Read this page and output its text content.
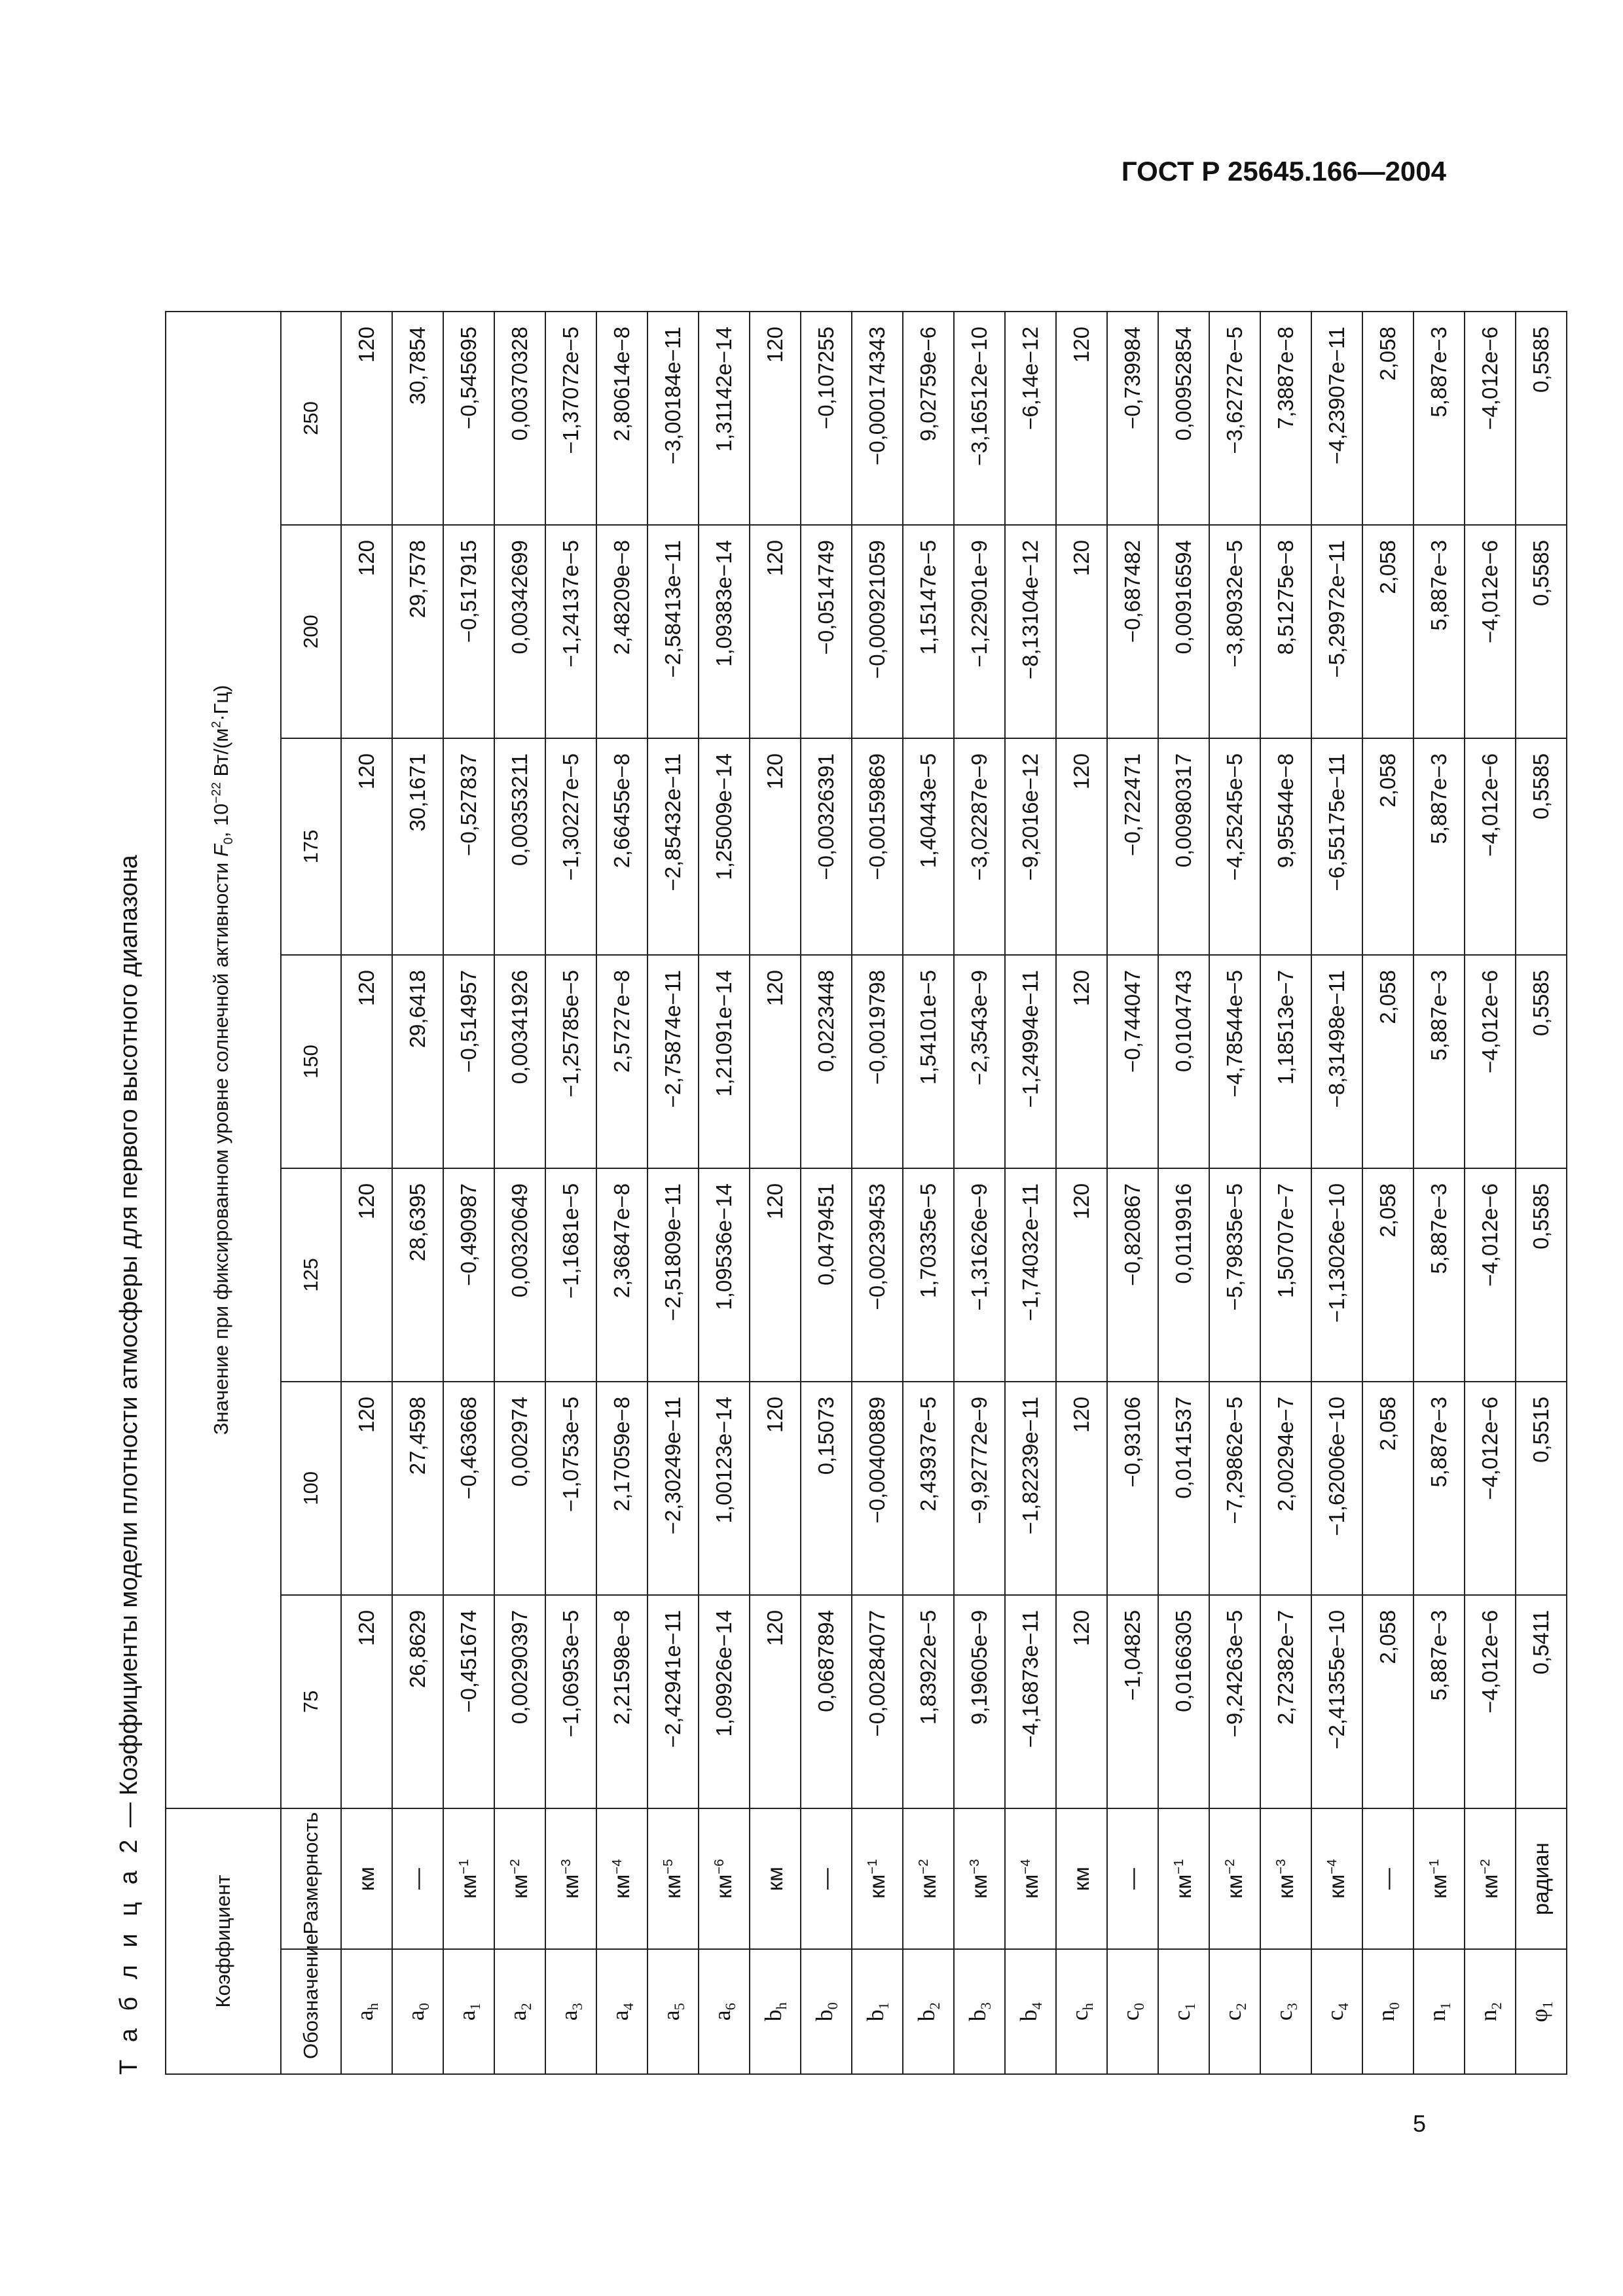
ГОСТ Р 25645.166—2004
Т а б л и ц а 2 — Коэффициенты модели плотности атмосферы для первого высотного диапазона
Коэффициент		Значение при фиксированном уровне солнечной активности $F_0$, $10^{-22}$ $Вт/(м^2\cdot Гц)$						

Обозначение	Размерность	75	100	125	150	175	200	250
$a_h$	км	120	120	120	120	120	120	120
$a_0$	—	26,8629	27,4598	28,6395	29,6418	30,1671	29,7578	30,7854
$a_1$	$км^{-1}$	−0,451674	−0,463668	−0,490987	−0,514957	−0,527837	−0,517915	−0,545695
$a_2$	$км^{-2}$	0,00290397	0,002974	0,00320649	0,00341926	0,00353211	0,00342699	0,00370328
$a_3$	$км^{-3}$	−1,06953e−5	−1,0753e−5	−1,1681e−5	−1,25785e−5	−1,30227e−5	−1,24137e−5	−1,37072e−5
$a_4$	$км^{-4}$	2,21598e−8	2,17059e−8	2,36847e−8	2,5727e−8	2,66455e−8	2,48209e−8	2,80614e−8
$a_5$	$км^{-5}$	−2,42941e−11	−2,30249e−11	−2,51809e−11	−2,75874e−11	−2,85432e−11	−2,58413e−11	−3,00184e−11
$a_6$	$км^{-6}$	1,09926e−14	1,00123e−14	1,09536e−14	1,21091e−14	1,25009e−14	1,09383e−14	1,31142e−14
$b_h$	км	120	120	120	120	120	120	120
$b_0$	—	0,0687894	0,15073	0,0479451	0,0223448	−0,00326391	−0,0514749	−0,107255
$b_1$	$км^{-1}$	−0,00284077	−0,00400889	−0,00239453	−0,0019798	−0,00159869	−0,000921059	−0,000174343
$b_2$	$км^{-2}$	1,83922e−5	2,43937e−5	1,70335e−5	1,54101e−5	1,40443e−5	1,15147e−5	9,02759e−6
$b_3$	$км^{-3}$	9,19605e−9	−9,92772e−9	−1,31626e−9	−2,3543e−9	−3,02287e−9	−1,22901e−9	−3,16512e−10
$b_4$	$км^{-4}$	−4,16873e−11	−1,82239e−11	−1,74032e−11	−1,24994e−11	−9,2016e−12	−8,13104e−12	−6,14e−12
$c_h$	км	120	120	120	120	120	120	120
$c_0$	—	−1,04825	−0,93106	−0,820867	−0,744047	−0,722471	−0,687482	−0,739984
$c_1$	$км^{-1}$	0,0166305	0,0141537	0,0119916	0,0104743	0,00980317	0,00916594	0,00952854
$c_2$	$км^{-2}$	−9,24263e−5	−7,29862e−5	−5,79835e−5	−4,78544e−5	−4,25245e−5	−3,80932e−5	−3,62727e−5
$c_3$	$км^{-3}$	2,72382e−7	2,00294e−7	1,50707e−7	1,18513e−7	9,95544e−8	8,51275e−8	7,3887e−8
$c_4$	$км^{-4}$	−2,41355e−10	−1,62006e−10	−1,13026e−10	−8,31498e−11	−6,55175e−11	−5,29972e−11	−4,23907e−11
$n_0$	—	2,058	2,058	2,058	2,058	2,058	2,058	2,058
$n_1$	$км^{-1}$	5,887e−3	5,887e−3	5,887e−3	5,887e−3	5,887e−3	5,887e−3	5,887e−3
$n_2$	$км^{-2}$	−4,012e−6	−4,012e−6	−4,012e−6	−4,012e−6	−4,012e−6	−4,012e−6	−4,012e−6
$\varphi_1$	радиан	0,5411	0,5515	0,5585	0,5585	0,5585	0,5585	0,5585
5
